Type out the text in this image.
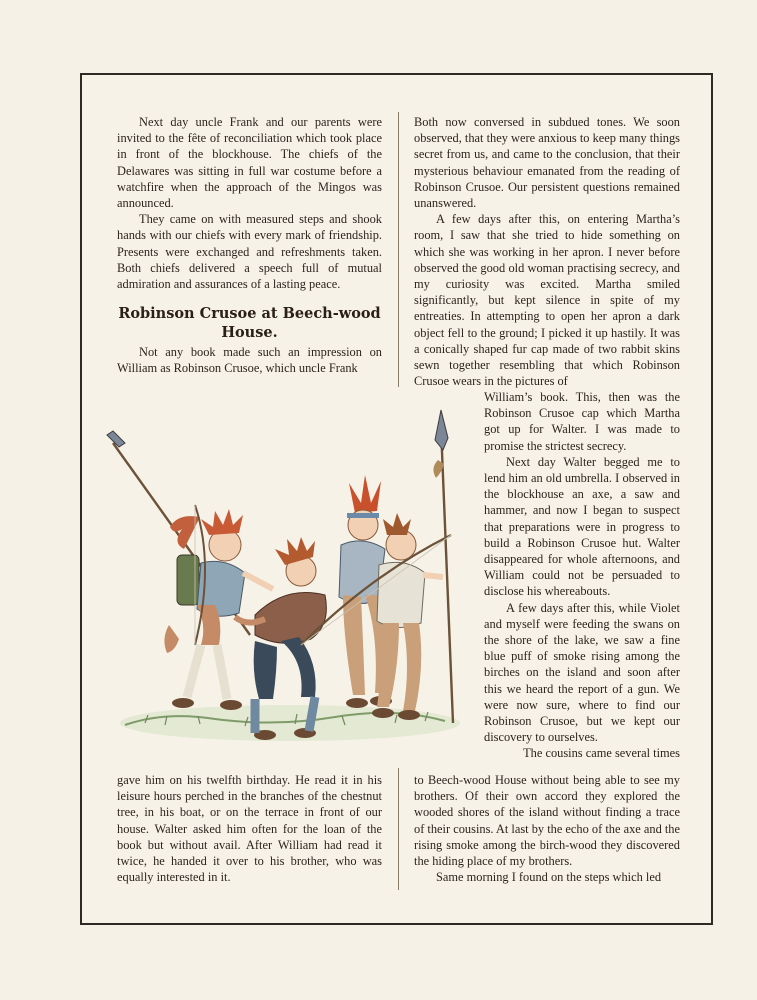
Next day uncle Frank and our parents were invited to the fête of reconciliation which took place in front of the blockhouse. The chiefs of the Delawares was sitting in full war costume before a watchfire when the approach of the Mingos was announced.

They came on with measured steps and shook hands with our chiefs with every mark of friendship. Presents were exchanged and refreshments taken. Both chiefs delivered a speech full of mutual admiration and assurances of a lasting peace.

Robinson Crusoe at Beech-wood House.

Not any book made such an impression on William as Robinson Crusoe, which uncle Frank

Both now conversed in subdued tones. We soon observed, that they were anxious to keep many things secret from us, and came to the conclusion, that their mysterious behaviour emanated from the reading of Robinson Crusoe. Our persistent questions remained unanswered.

A few days after this, on entering Martha’s room, I saw that she tried to hide something on which she was working in her apron. I never before observed the good old woman practising secrecy, and my curiosity was excited. Martha smiled significantly, but kept silence in spite of my entreaties. In attempting to open her apron a dark object fell to the ground; I picked it up hastily. It was a conically shaped fur cap made of two rabbit skins sewn together resembling that which Robinson Crusoe wears in the pictures of

William’s book. This, then was the Robinson Crusoe cap which Martha got up for Walter. I was made to promise the strictest secrecy.

Next day Walter begged me to lend him an old umbrella. I observed in the blockhouse an axe, a saw and hammer, and now I began to suspect that preparations were in progress to build a Robinson Crusoe hut. Walter disappeared for whole afternoons, and William could not be persuaded to disclose his whereabouts.

A few days after this, while Violet and myself were feeding the swans on the shore of the lake, we saw a fine blue puff of smoke rising among the birches on the island and soon after this we heard the report of a gun. We were now sure, where to find our Robinson Crusoe, but we kept our discovery to ourselves.

The cousins came several times

gave him on his twelfth birthday. He read it in his leisure hours perched in the branches of the chestnut tree, in his boat, or on the terrace in front of our house. Walter asked him often for the loan of the book but without avail. After William had read it twice, he handed it over to his brother, who was equally interested in it.

to Beech-wood House without being able to see my brothers. Of their own accord they explored the wooded shores of the island without finding a trace of their cousins. At last by the echo of the axe and the rising smoke among the birch-wood they discovered the hiding place of my brothers.

Same morning I found on the steps which led
